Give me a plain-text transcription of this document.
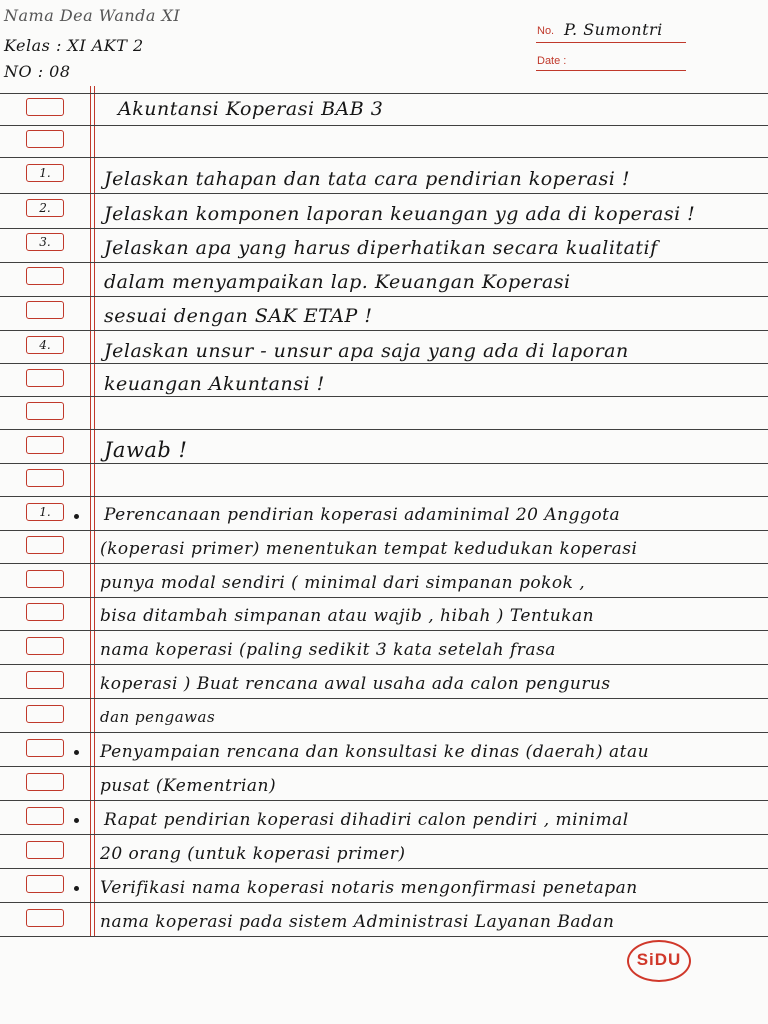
No. P. Sumontri
Date :
Nama Dea Wanda XI
Kelas : XI AKT 2
NO : 08
1.
2.
3.
4.
1.
Akuntansi Koperasi BAB 3
Jelaskan tahapan dan tata cara pendirian koperasi !
Jelaskan komponen laporan keuangan yg ada di koperasi !
Jelaskan apa yang harus diperhatikan secara kualitatif
dalam menyampaikan lap. Keuangan Koperasi
sesuai dengan SAK ETAP !
Jelaskan unsur - unsur apa saja yang ada di laporan
keuangan Akuntansi !
Jawab !
Perencanaan pendirian koperasi adaminimal 20 Anggota
(koperasi primer) menentukan tempat kedudukan koperasi
punya modal sendiri ( minimal dari simpanan pokok ,
bisa ditambah simpanan atau wajib , hibah ) Tentukan
nama koperasi (paling sedikit 3 kata setelah frasa
koperasi ) Buat rencana awal usaha ada calon pengurus
dan pengawas
Penyampaian rencana dan konsultasi ke dinas (daerah) atau
pusat (Kementrian)
Rapat pendirian koperasi dihadiri calon pendiri , minimal
20 orang (untuk koperasi primer)
Verifikasi nama koperasi notaris mengonfirmasi penetapan
nama koperasi pada sistem Administrasi Layanan Badan
SiDU
